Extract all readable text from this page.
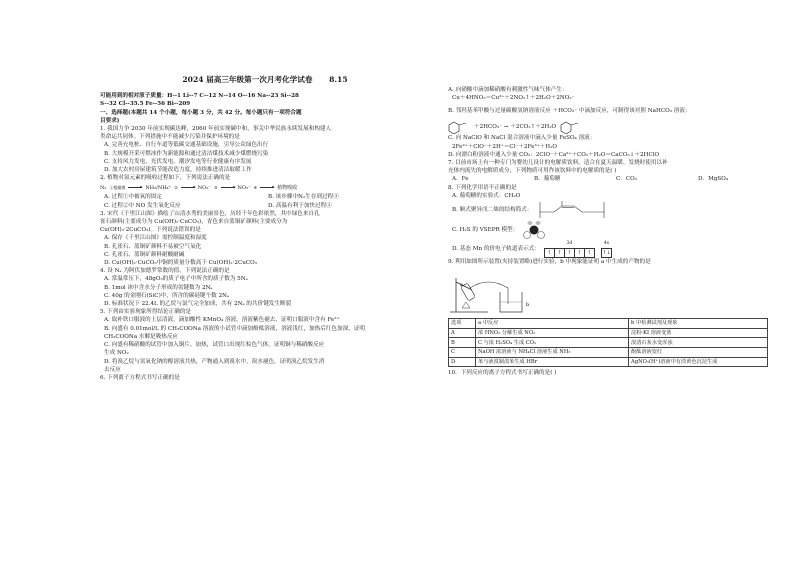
2024 届高三年级第一次月考化学试卷 8.15
可能用到的相对原子质量：H--1 Li--7 C--12 N--14 O--16 Na--23 Si--28
S--32 Cl--35.5 Fe--56 Bi--209
一、选择题(本题共 14 个小题，每小题 3 分，共 42 分。每小题只有一项符合题
目要求)
1. 我国力争 2030 年前实现碳达峰，2060 年前实现碳中和，事关中华民族永续发展和构建人
类命运共同体。下列措施中不能减少污染并保护环境的是
A. 完善充电桩、自行车道等低碳交通基础设施，引导公众绿色出行
B. 大规模开采可燃冰作为新能源和通过清洁煤技术减少煤燃烧污染
C. 支持风力发电、光伏发电、潮汐发电等行业健康有序发展
D. 加大农村房屋建筑节能改造力度，持续推进清洁取暖工作
2. 植物对氮元素的吸收过程如下，下列说法正确的是
N₂ ①根瘤菌	NH₃/NH₄⁺ ②	NO₂⁻ ③	NO₃⁻ ④	植物吸收
A. 过程①中被氧的固定	B. 该步骤中N₂生存到过程④
C. 过程②中 NO 发生氧化反应	D. 高温有利于加快过程④
3. 宋代《千里江山图》描绘了山清水秀的美丽景色，历经千年色彩依然，其中绿色来自孔
雀石颜料(主要成分为 Cu(OH)₂·CuCO₃)，青色来自蓝铜矿颜料(主要成分为
Cu(OH)₂·2CuCO₃)。下列说法错误的是
A. 保存《千里江山图》需控制温度和湿度
B. 孔雀石、蓝铜矿颜料不易被空气氧化
C. 孔雀石、蓝铜矿颜料耐酸耐碱
D. Cu(OH)₂·CuCO₃中铜的质量分数高于 Cu(OH)₂·2CuCO₃
4. 设 Nₐ 为阿伏加德罗常数的值，下列说法正确的是
A. 常温常压下，48gO₃的质子电子中所含的质子数为 5Nₐ
B. 1mol 冰中含水分子形成的氢键数为 2Nₐ
C. 40g 的金刚石(SiC)中，所含的碳硅键个数 2Nₐ
D. 标准状况下 22.4L 的乙烷与氯气完全加成，共有 2Nₐ 的共价键发生断裂
5. 下列由实验现象所得结论正确的是
A. 取补铁口服液的上层清液，滴加酸性 KMnO₄ 溶液，溶液紫色褪去，证明口服液中含有 Fe²⁺
B. 向盛有 0.01mol/L 的 CH₃COONa 溶液的小试管中滴加酚酞溶液，溶液浅红，加热后红色加深，证明
CH₃COONa 水解是吸热反应
C. 向盛有稀硝酸的试管中加入铜片，加热，试管口出现红棕色气体，证明铜与稀硝酸反应
生成 NO₂
D. 将溴乙烷与氢氧化钠的醇溶液共热，产物通入到溴水中，溴水褪色，证明溴乙烷发生消
去反应
6. 下列离子方程式书写正确的是
A. 向硝酸中滴加稀硝酸有刺激性气味气体产生：
Cu＋4HNO₃＝Cu²⁺＋2NO₂↑＋2H₂O＋2NO₃⁻
B. 邻羟基苯甲酸与过量碳酸氢钠溶液反应 ＋HCO₃⁻ 中滴加反应，可制得该对照 NaHCO₃ 溶液：
＋2HCO₃⁻ → ＋2CO₂↑＋2H₂O
C. 向 NaClO 和 NaCl 混合溶液中滴入少量 FeSO₄ 溶液：
2Fe²⁺＋ClO⁻＋2H⁺＝Cl⁻＋2Fe³⁺＋H₂O
D. 向漂白粉溶液中通入少量 CO₂：2ClO⁻＋Ca²⁺＋CO₂＋H₂O＝CaCO₃↓＋2HClO
7. 目前市场上有一种专门为婴幼儿设计的电解质饮料，适合在夏天温暖、发烧时使用以补
充体内流失的电解质成分，下列物质可用作该饮料中的电解质的是( )
A．Fe	B．葡萄糖	C．CO₂	D．MgSO₄
8. 下列化学用语不正确的是
A. 葡萄糖的实验式：CH₂O
B. 顺式聚异戊二烯的结构简式：
C. H₂S 的 VSEPR 模型：
D. 基态 Mn 的价电子轨道表示式：
3d
↑	↑	↑	↑	↑
4s
↑↓
9. 利用如图所示装置(夹持装置略)进行实验，b 中现象能证明 a 中生成的产物的是
a
b
选项	a 中反应	b 中检测试剂及现象
A	浓 HNO₃ 分解生成 NO₂	淀粉-KI 溶液变蓝
B	C 与浓 H₂SO₄ 生成 CO₂	溴清石灰水变浑浊
C	NaOH 浓溶液与 NH₄Cl 溶液生成 NH₃	酚酞溶液变红
D	苯与液溴制溴苯生成 HBr	AgNO₃(H⁺)溶液中有淡黄色沉淀生成
10．下列反应的离子方程式书写正确的是( )
